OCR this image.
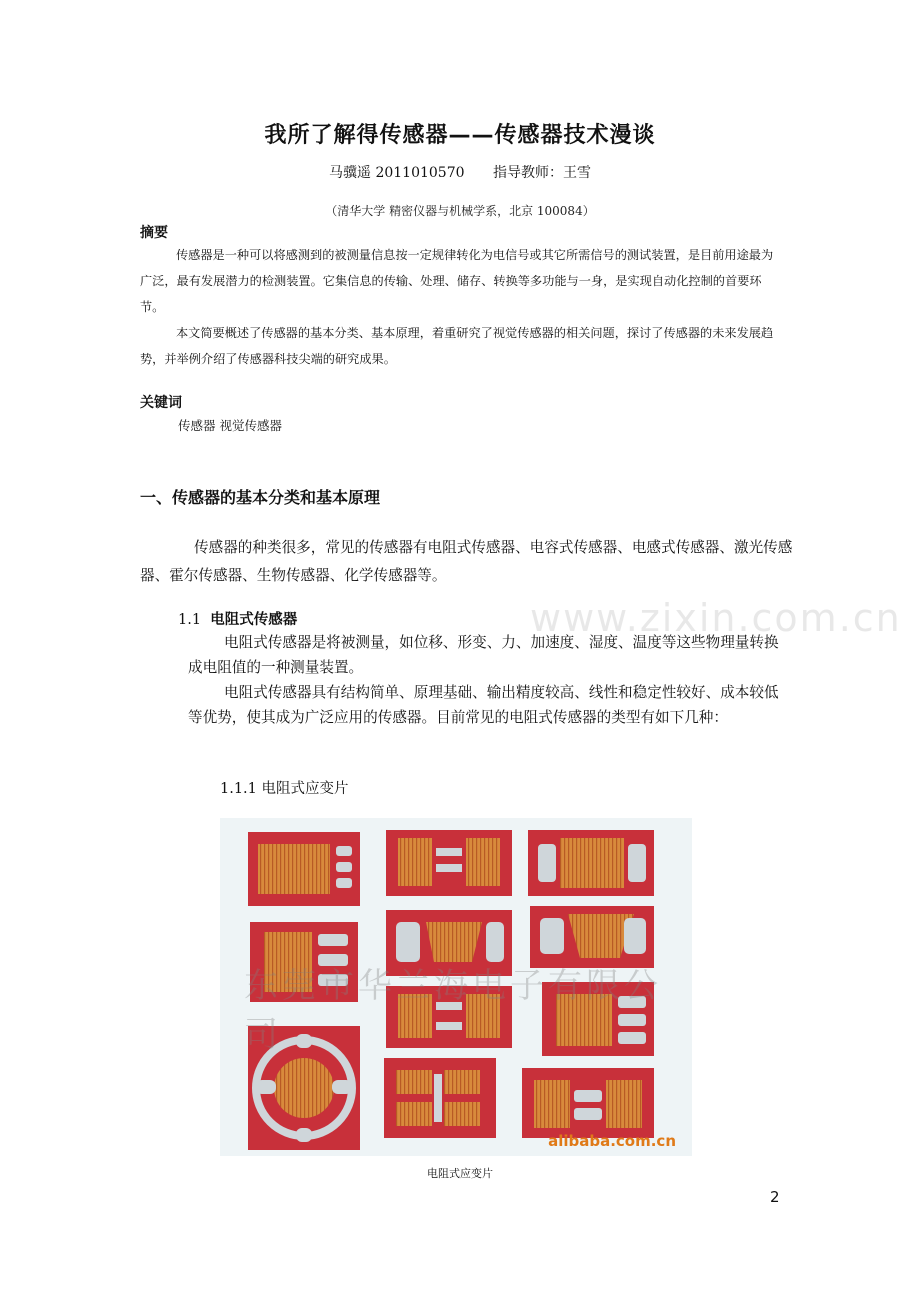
我所了解得传感器——传感器技术漫谈
马骥遥 2011010570 指导教师：王雪
（清华大学 精密仪器与机械学系，北京 100084）
摘要

传感器是一种可以将感测到的被测量信息按一定规律转化为电信号或其它所需信号的测试装置，是目前用途最为广泛，最有发展潜力的检测装置。它集信息的传输、处理、储存、转换等多功能与一身，是实现自动化控制的首要环节。

本文简要概述了传感器的基本分类、基本原理，着重研究了视觉传感器的相关问题，探讨了传感器的未来发展趋势，并举例介绍了传感器科技尖端的研究成果。

关键词
传感器 视觉传感器
一、传感器的基本分类和基本原理

传感器的种类很多，常见的传感器有电阻式传感器、电容式传感器、电感式传感器、激光传感器、霍尔传感器、生物传感器、化学传感器等。

www.zixin.com.cn
1.1 电阻式传感器

电阻式传感器是将被测量，如位移、形变、力、加速度、湿度、温度等这些物理量转换成电阻值的一种测量装置。

电阻式传感器具有结构简单、原理基础、输出精度较高、线性和稳定性较好、成本较低等优势，使其成为广泛应用的传感器。目前常见的电阻式传感器的类型有如下几种：

1.1.1 电阻式应变片
东莞市华兰海电子有限公司
alibaba.com.cn
电阻式应变片
2
